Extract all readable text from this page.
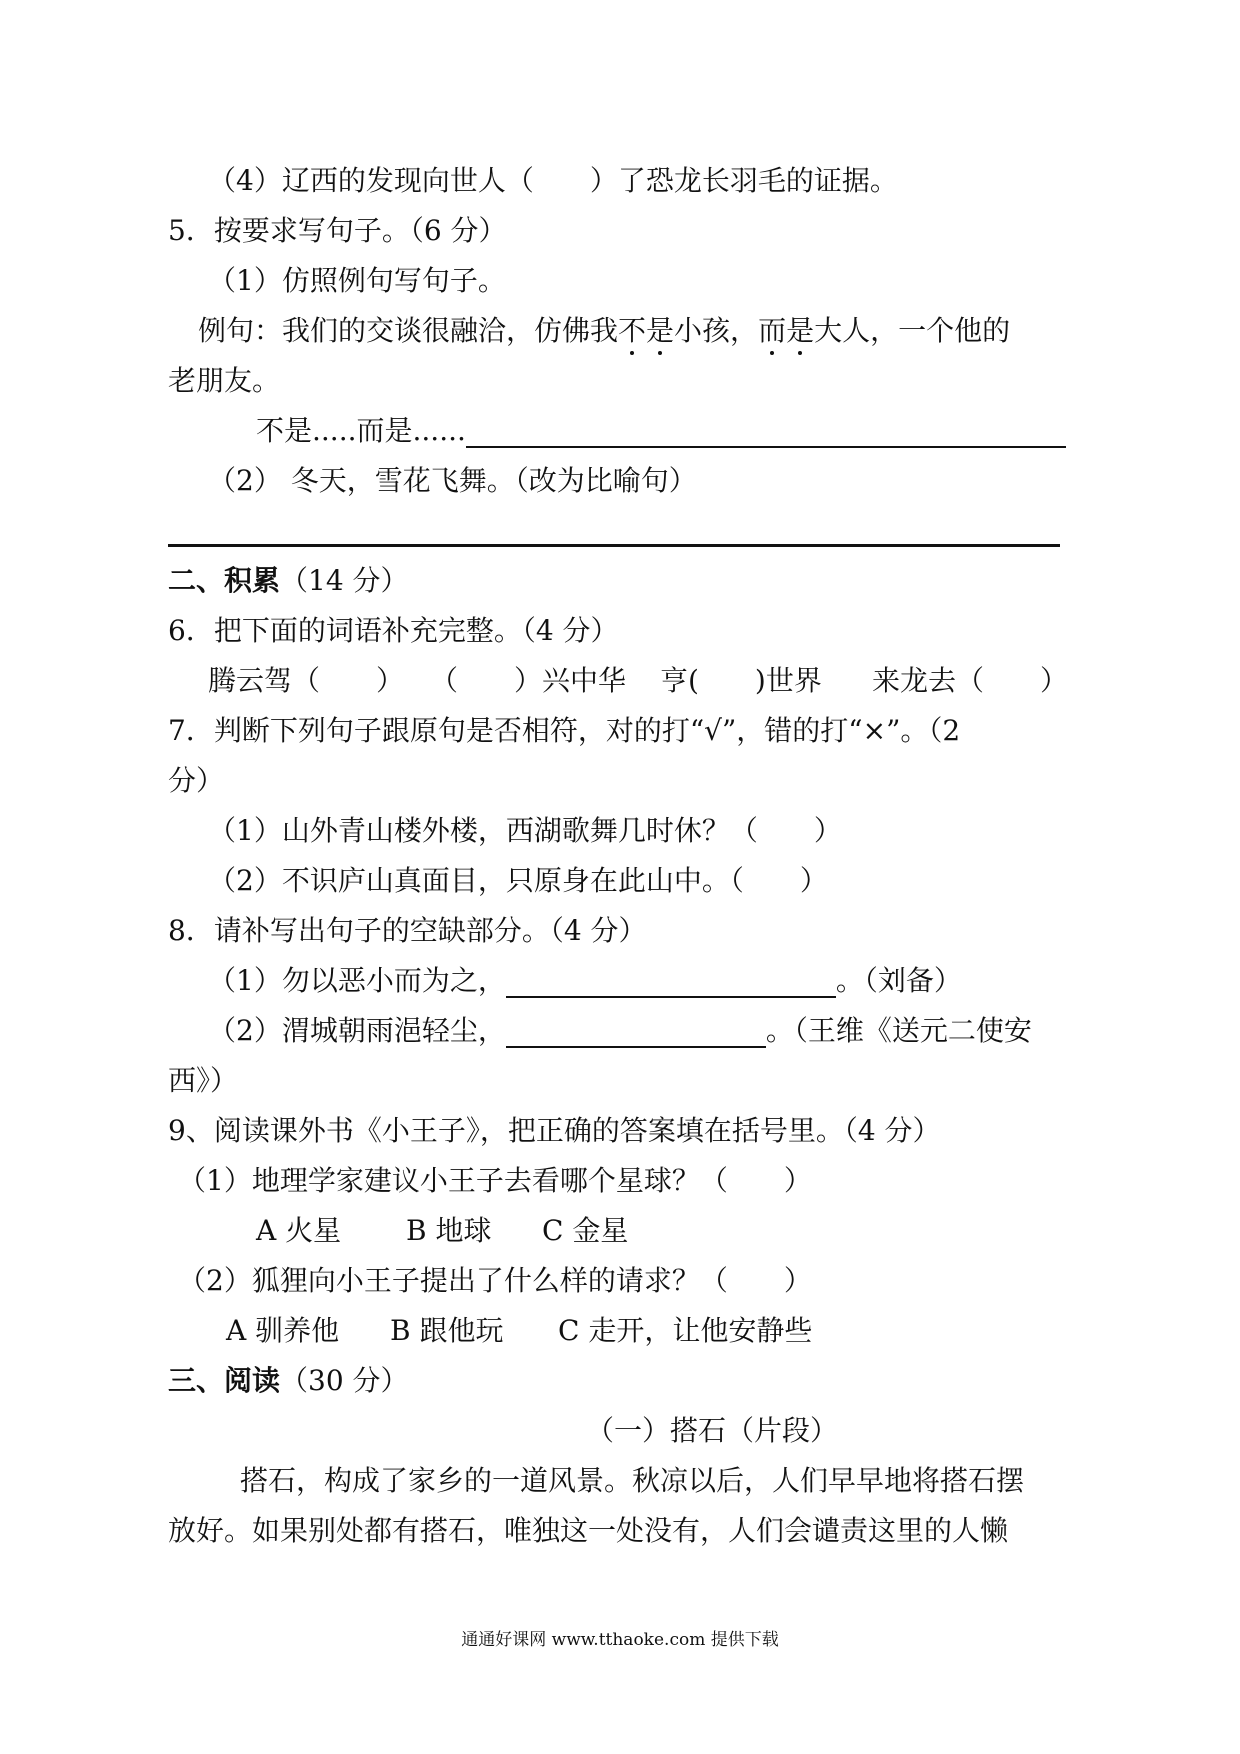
（4）辽西的发现向世人（　　）了恐龙长羽毛的证据。
5．按要求写句子。（6 分）
（1）仿照例句写句子。
例句：我们的交谈很融洽，仿佛我不是小孩，而是大人，一个他的
老朋友。
不是.....而是......
（2） 冬天，雪花飞舞。（改为比喻句）
二、积累（14 分）
6．把下面的词语补充完整。（4 分）
腾云驾（　　） （　　）兴中华 亨(　　)世界 来龙去（　　）
7．判断下列句子跟原句是否相符，对的打“√”，错的打“×”。（2
分）
（1）山外青山楼外楼，西湖歌舞几时休？（　　）
（2）不识庐山真面目，只原身在此山中。（　　）
8．请补写出句子的空缺部分。（4 分）
（1）勿以恶小而为之，	。（刘备）
（2）渭城朝雨浥轻尘，	。（王维《送元二使安
西》）
9、阅读课外书《小王子》，把正确的答案填在括号里。（4 分）
（1）地理学家建议小王子去看哪个星球？（　　）
A 火星 B 地球 C 金星
（2）狐狸向小王子提出了什么样的请求？（　　）
A 驯养他 B 跟他玩 C 走开，让他安静些
三、阅读（30 分）
（一）搭石（片段）
搭石，构成了家乡的一道风景。秋凉以后，人们早早地将搭石摆
放好。如果别处都有搭石，唯独这一处没有，人们会谴责这里的人懒
通通好课网 www.tthaoke.com 提供下载
